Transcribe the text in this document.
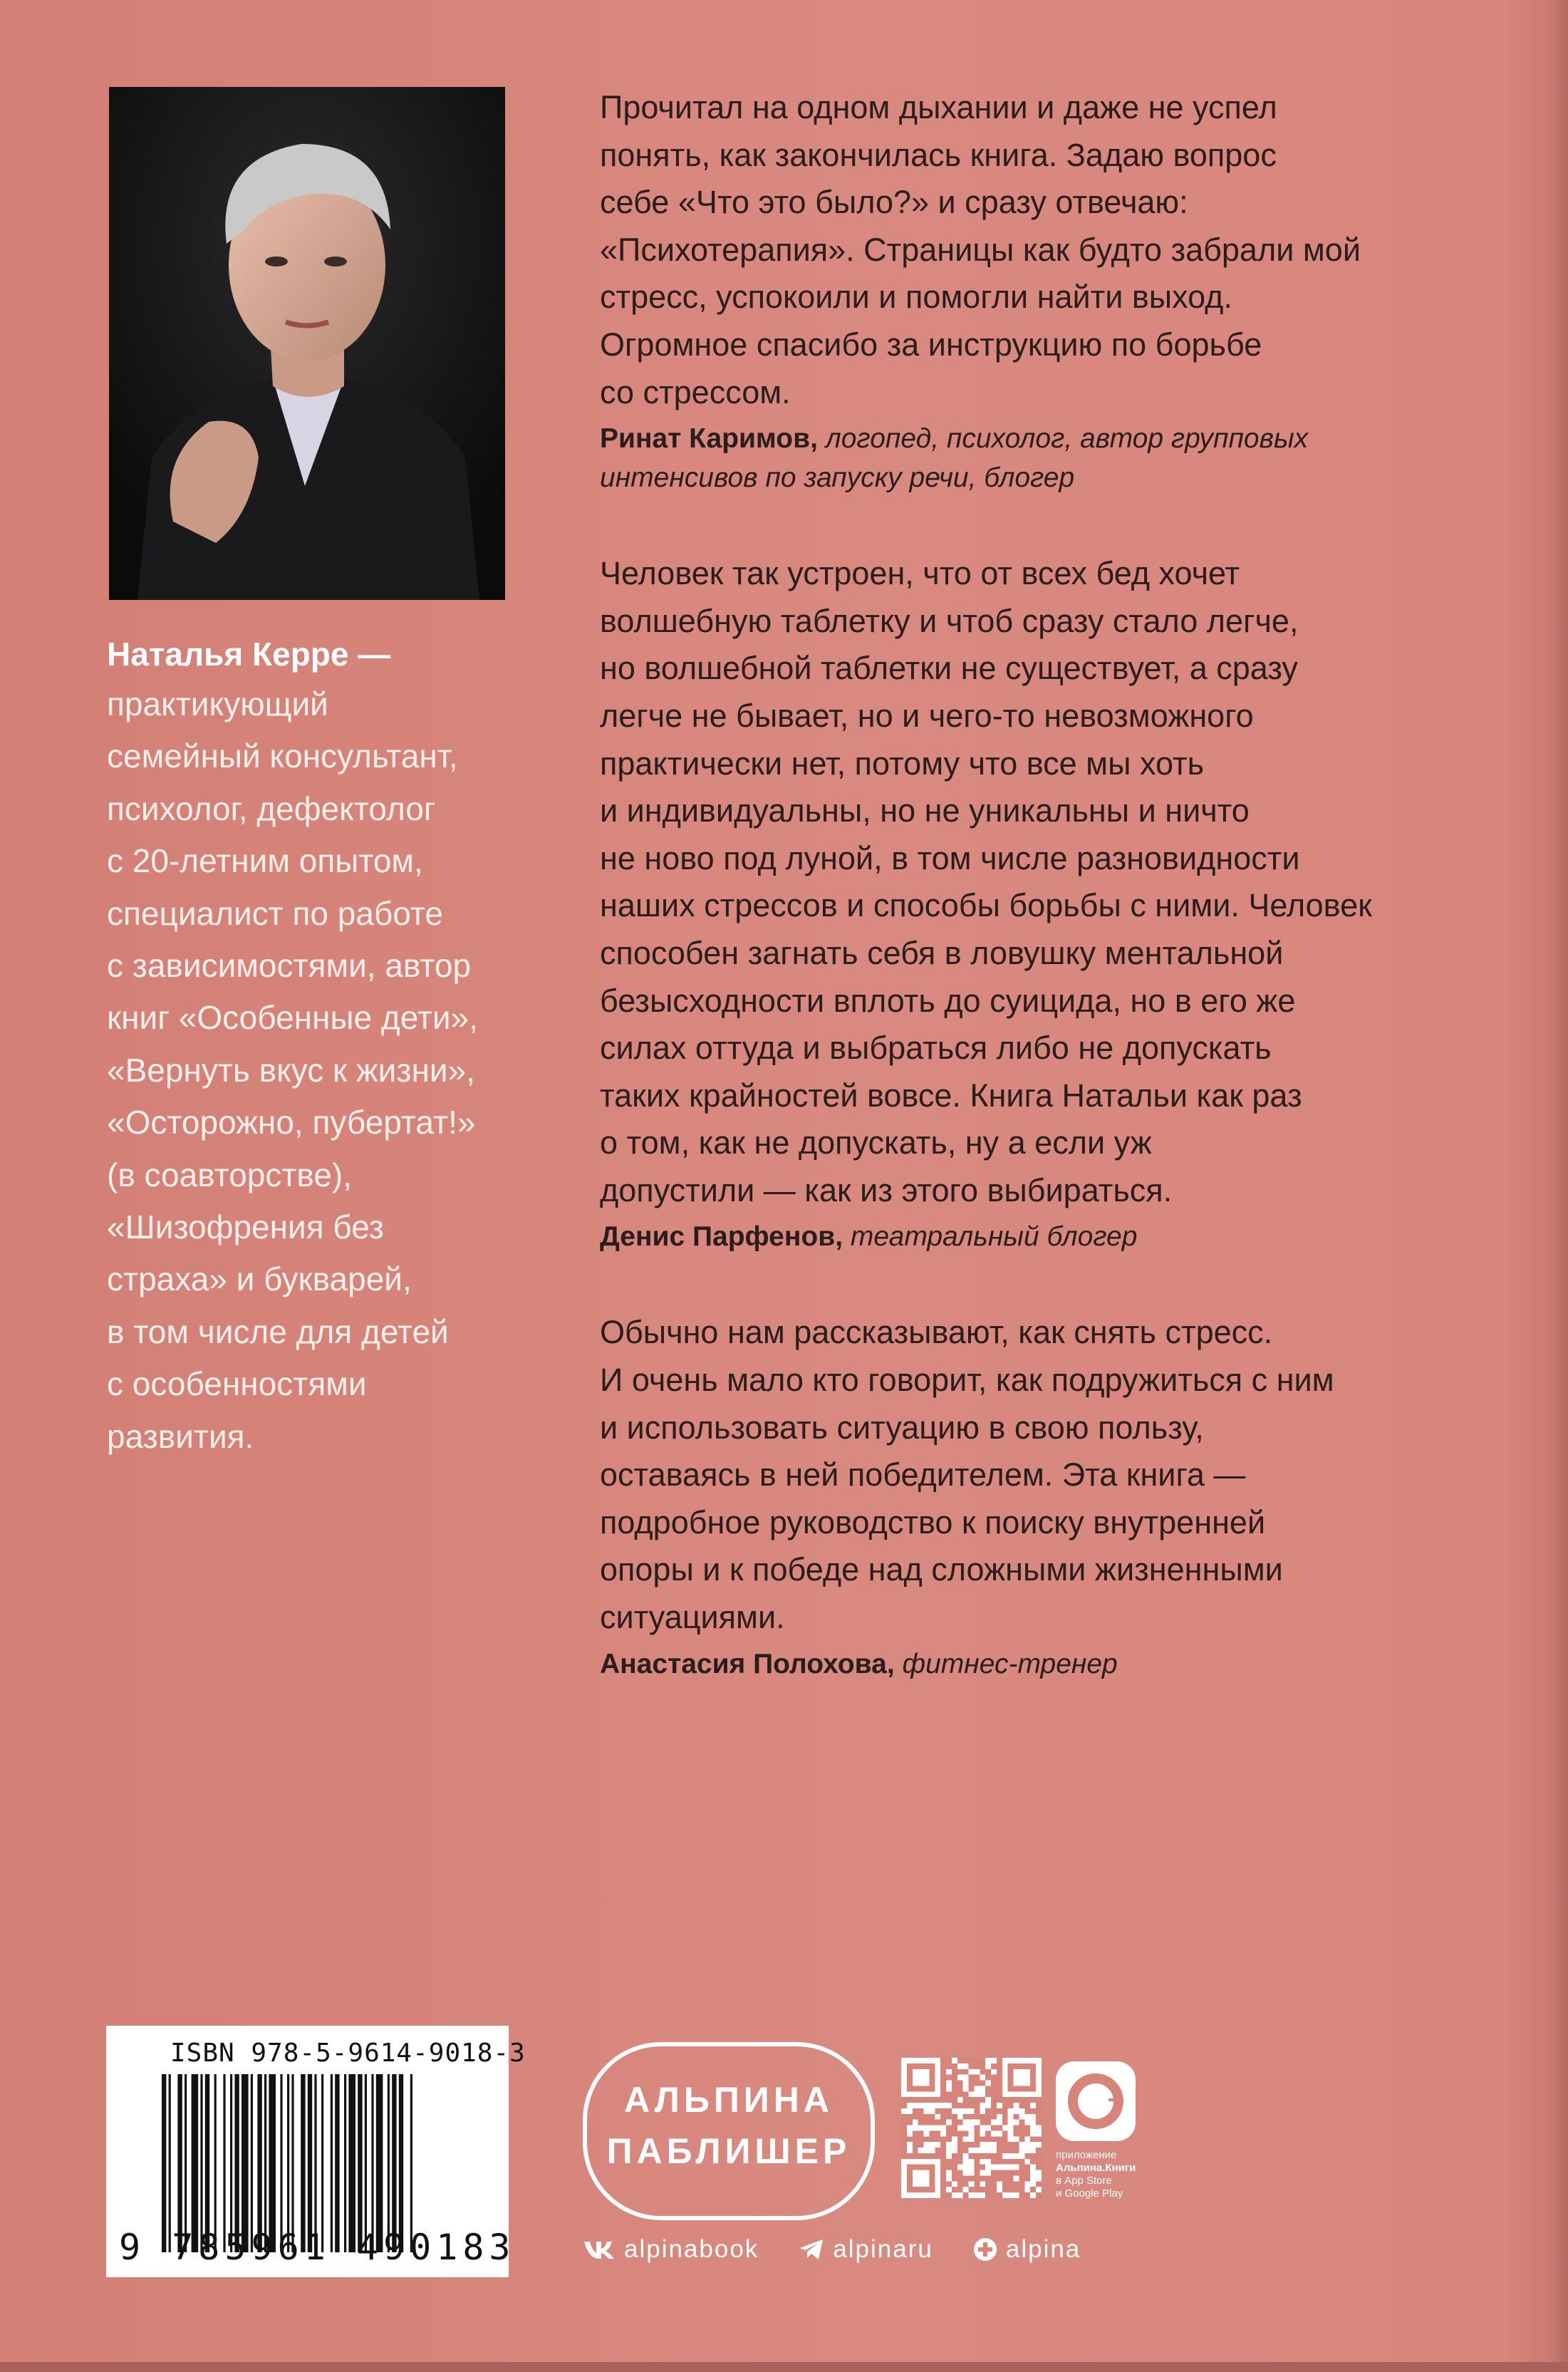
Наталья Керре —
практикующий
семейный консультант,
психолог, дефектолог
с 20-летним опытом,
специалист по работе
с зависимостями, автор
книг «Особенные дети»,
«Вернуть вкус к жизни»,
«Осторожно, пубертат!»
(в соавторстве),
«Шизофрения без
страха» и букварей,
в том числе для детей
с особенностями
развития.
Прочитал на одном дыхании и даже не успел
понять, как закончилась книга. Задаю вопрос
себе «Что это было?» и сразу отвечаю:
«Психотерапия». Страницы как будто забрали мой
стресс, успокоили и помогли найти выход.
Огромное спасибо за инструкцию по борьбе
со стрессом.

Ринат Каримов, логопед, психолог, автор групповых
интенсивов по запуску речи, блогер

Человек так устроен, что от всех бед хочет
волшебную таблетку и чтоб сразу стало легче,
но волшебной таблетки не существует, а сразу
легче не бывает, но и чего-то невозможного
практически нет, потому что все мы хоть
и индивидуальны, но не уникальны и ничто
не ново под луной, в том числе разновидности
наших стрессов и способы борьбы с ними. Человек
способен загнать себя в ловушку ментальной
безысходности вплоть до суицида, но в его же
силах оттуда и выбраться либо не допускать
таких крайностей вовсе. Книга Натальи как раз
о том, как не допускать, ну а если уж
допустили — как из этого выбираться.

Денис Парфенов, театральный блогер

Обычно нам рассказывают, как снять стресс.
И очень мало кто говорит, как подружиться с ним
и использовать ситуацию в свою пользу,
оставаясь в ней победителем. Эта книга —
подробное руководство к поиску внутренней
опоры и к победе над сложными жизненными
ситуациями.

Анастасия Полохова, фитнес-тренер

ISBN 978-5-9614-9018-3
9 785961 490183
АЛЬПИНА
ПАБЛИШЕР	приложение
Альпина.Книги
в App Store
и Google Play
alpinabook	alpinaru	alpina
